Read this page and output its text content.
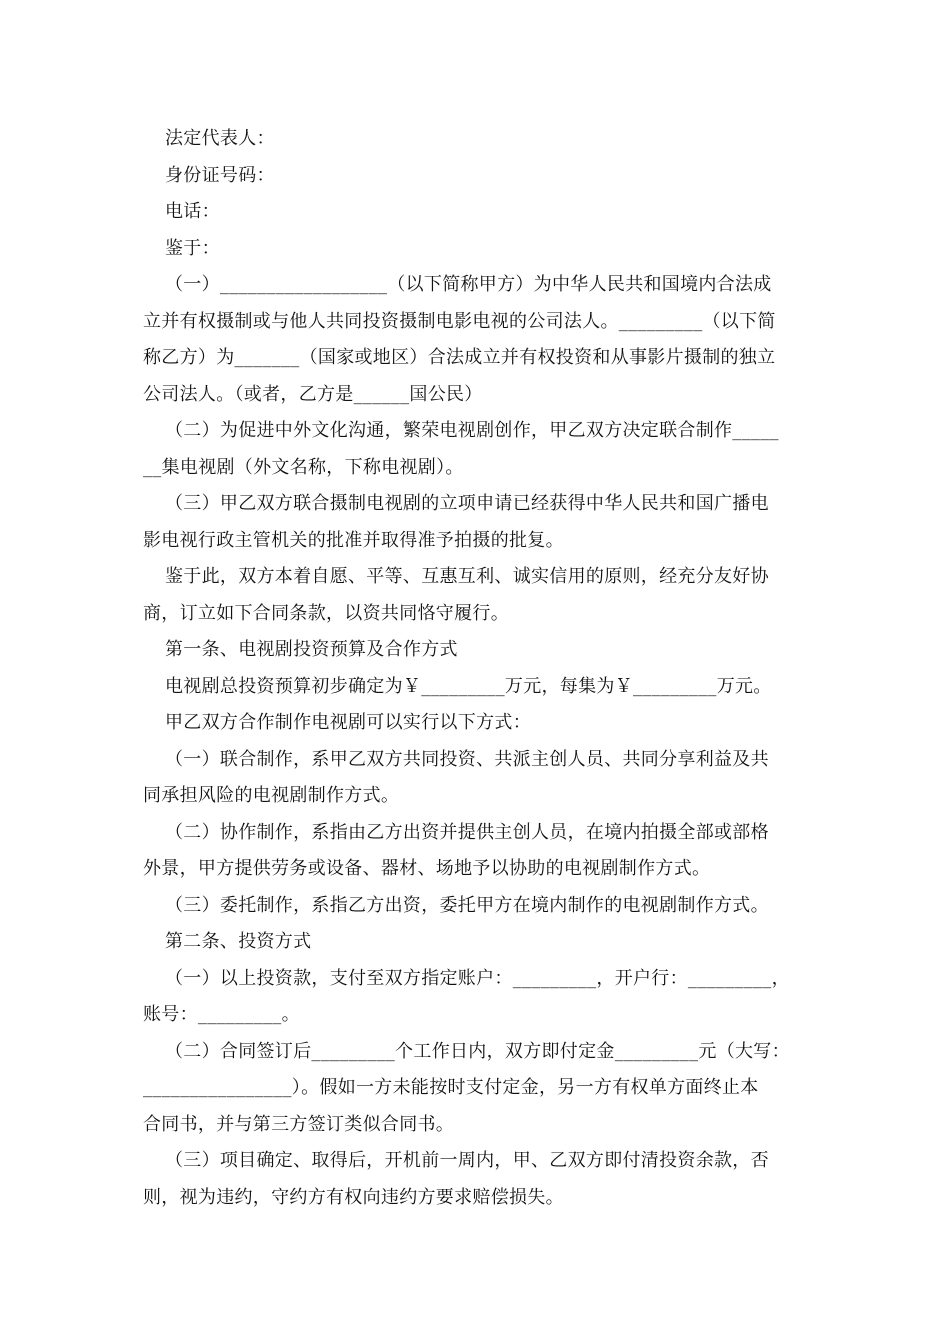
法定代表人：
身份证号码：
电话：
鉴于：
（一）__________________（以下简称甲方）为中华人民共和国境内合法成
立并有权摄制或与他人共同投资摄制电影电视的公司法人。_________（以下简
称乙方）为_______（国家或地区）合法成立并有权投资和从事影片摄制的独立
公司法人。（或者，乙方是______国公民）
（二）为促进中外文化沟通，繁荣电视剧创作，甲乙双方决定联合制作_____
__集电视剧（外文名称，下称电视剧）。
（三）甲乙双方联合摄制电视剧的立项申请已经获得中华人民共和国广播电
影电视行政主管机关的批准并取得准予拍摄的批复。
鉴于此，双方本着自愿、平等、互惠互利、诚实信用的原则，经充分友好协
商，订立如下合同条款，以资共同恪守履行。
第一条、电视剧投资预算及合作方式
电视剧总投资预算初步确定为￥_________万元，每集为￥_________万元。
甲乙双方合作制作电视剧可以实行以下方式：
（一）联合制作，系甲乙双方共同投资、共派主创人员、共同分享利益及共
同承担风险的电视剧制作方式。
（二）协作制作，系指由乙方出资并提供主创人员，在境内拍摄全部或部格
外景，甲方提供劳务或设备、器材、场地予以协助的电视剧制作方式。
（三）委托制作，系指乙方出资，委托甲方在境内制作的电视剧制作方式。
第二条、投资方式
（一）以上投资款，支付至双方指定账户：_________，开户行：_________，
账号：_________。
（二）合同签订后_________个工作日内，双方即付定金_________元（大写：
________________）。假如一方未能按时支付定金，另一方有权单方面终止本
合同书，并与第三方签订类似合同书。
（三）项目确定、取得后，开机前一周内，甲、乙双方即付清投资余款，否
则，视为违约，守约方有权向违约方要求赔偿损失。
